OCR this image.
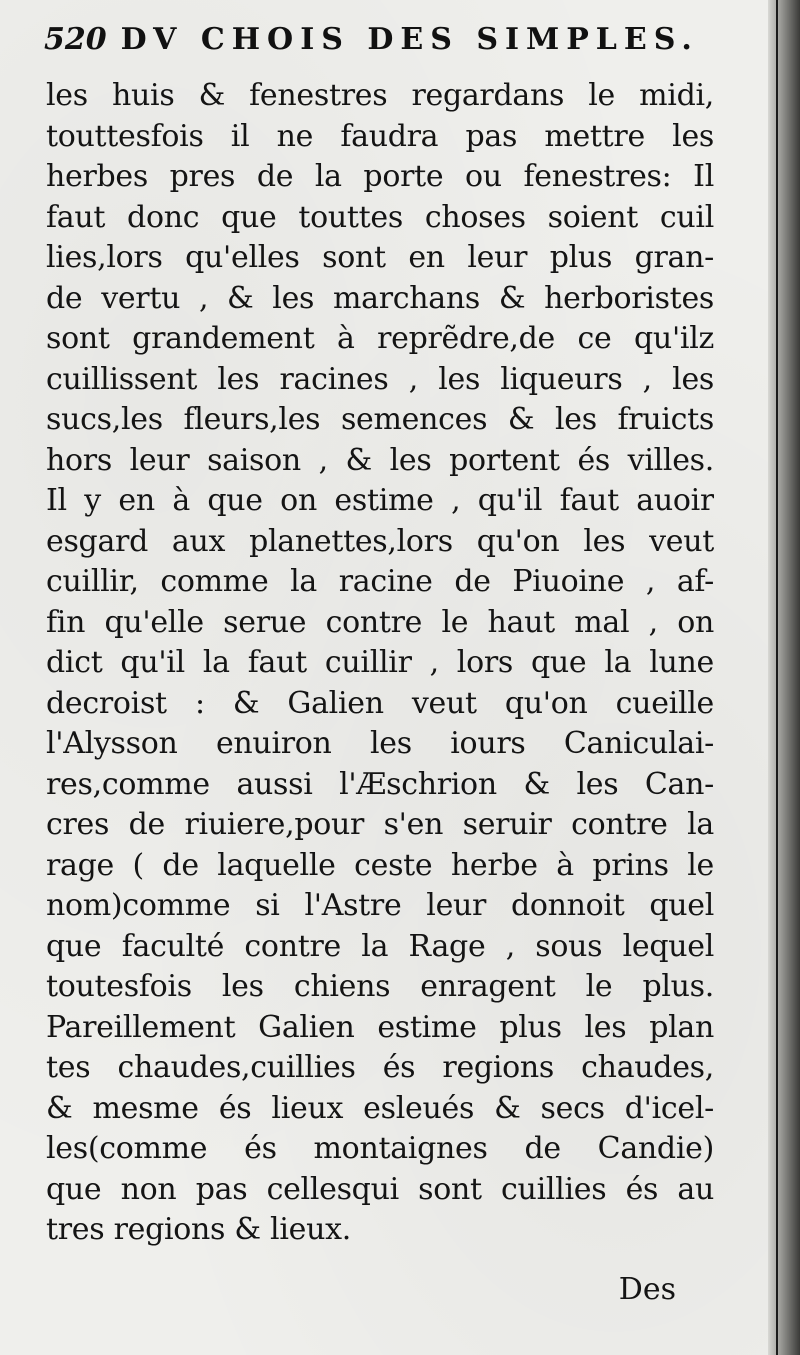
520 DV CHOIS DES SIMPLES.
les huis & fenestres regardans le midi,
touttesfois il ne faudra pas mettre les
herbes pres de la porte ou fenestres: Il
faut donc que touttes choses soient cuil
lies,lors qu'elles sont en leur plus gran-
de vertu , & les marchans & herboristes
sont grandement à reprẽdre,de ce qu'ilz
cuillissent les racines , les liqueurs , les
sucs,les fleurs,les semences & les fruicts
hors leur saison , & les portent és villes.
Il y en à que on estime , qu'il faut auoir
esgard aux planettes,lors qu'on les veut
cuillir, comme la racine de Piuoine , af-
fin qu'elle serue contre le haut mal , on
dict qu'il la faut cuillir , lors que la lune
decroist : & Galien veut qu'on cueille
l'Alysson enuiron les iours Caniculai-
res,comme aussi l'Æschrion & les Can-
cres de riuiere,pour s'en seruir contre la
rage ( de laquelle ceste herbe à prins le
nom)comme si l'Astre leur donnoit quel
que faculté contre la Rage , sous lequel
toutesfois les chiens enragent le plus.
Pareillement Galien estime plus les plan
tes chaudes,cuillies és regions chaudes,
& mesme és lieux esleués & secs d'icel-
les(comme és montaignes de Candie)
que non pas cellesqui sont cuillies és au
tres regions & lieux.
Des
